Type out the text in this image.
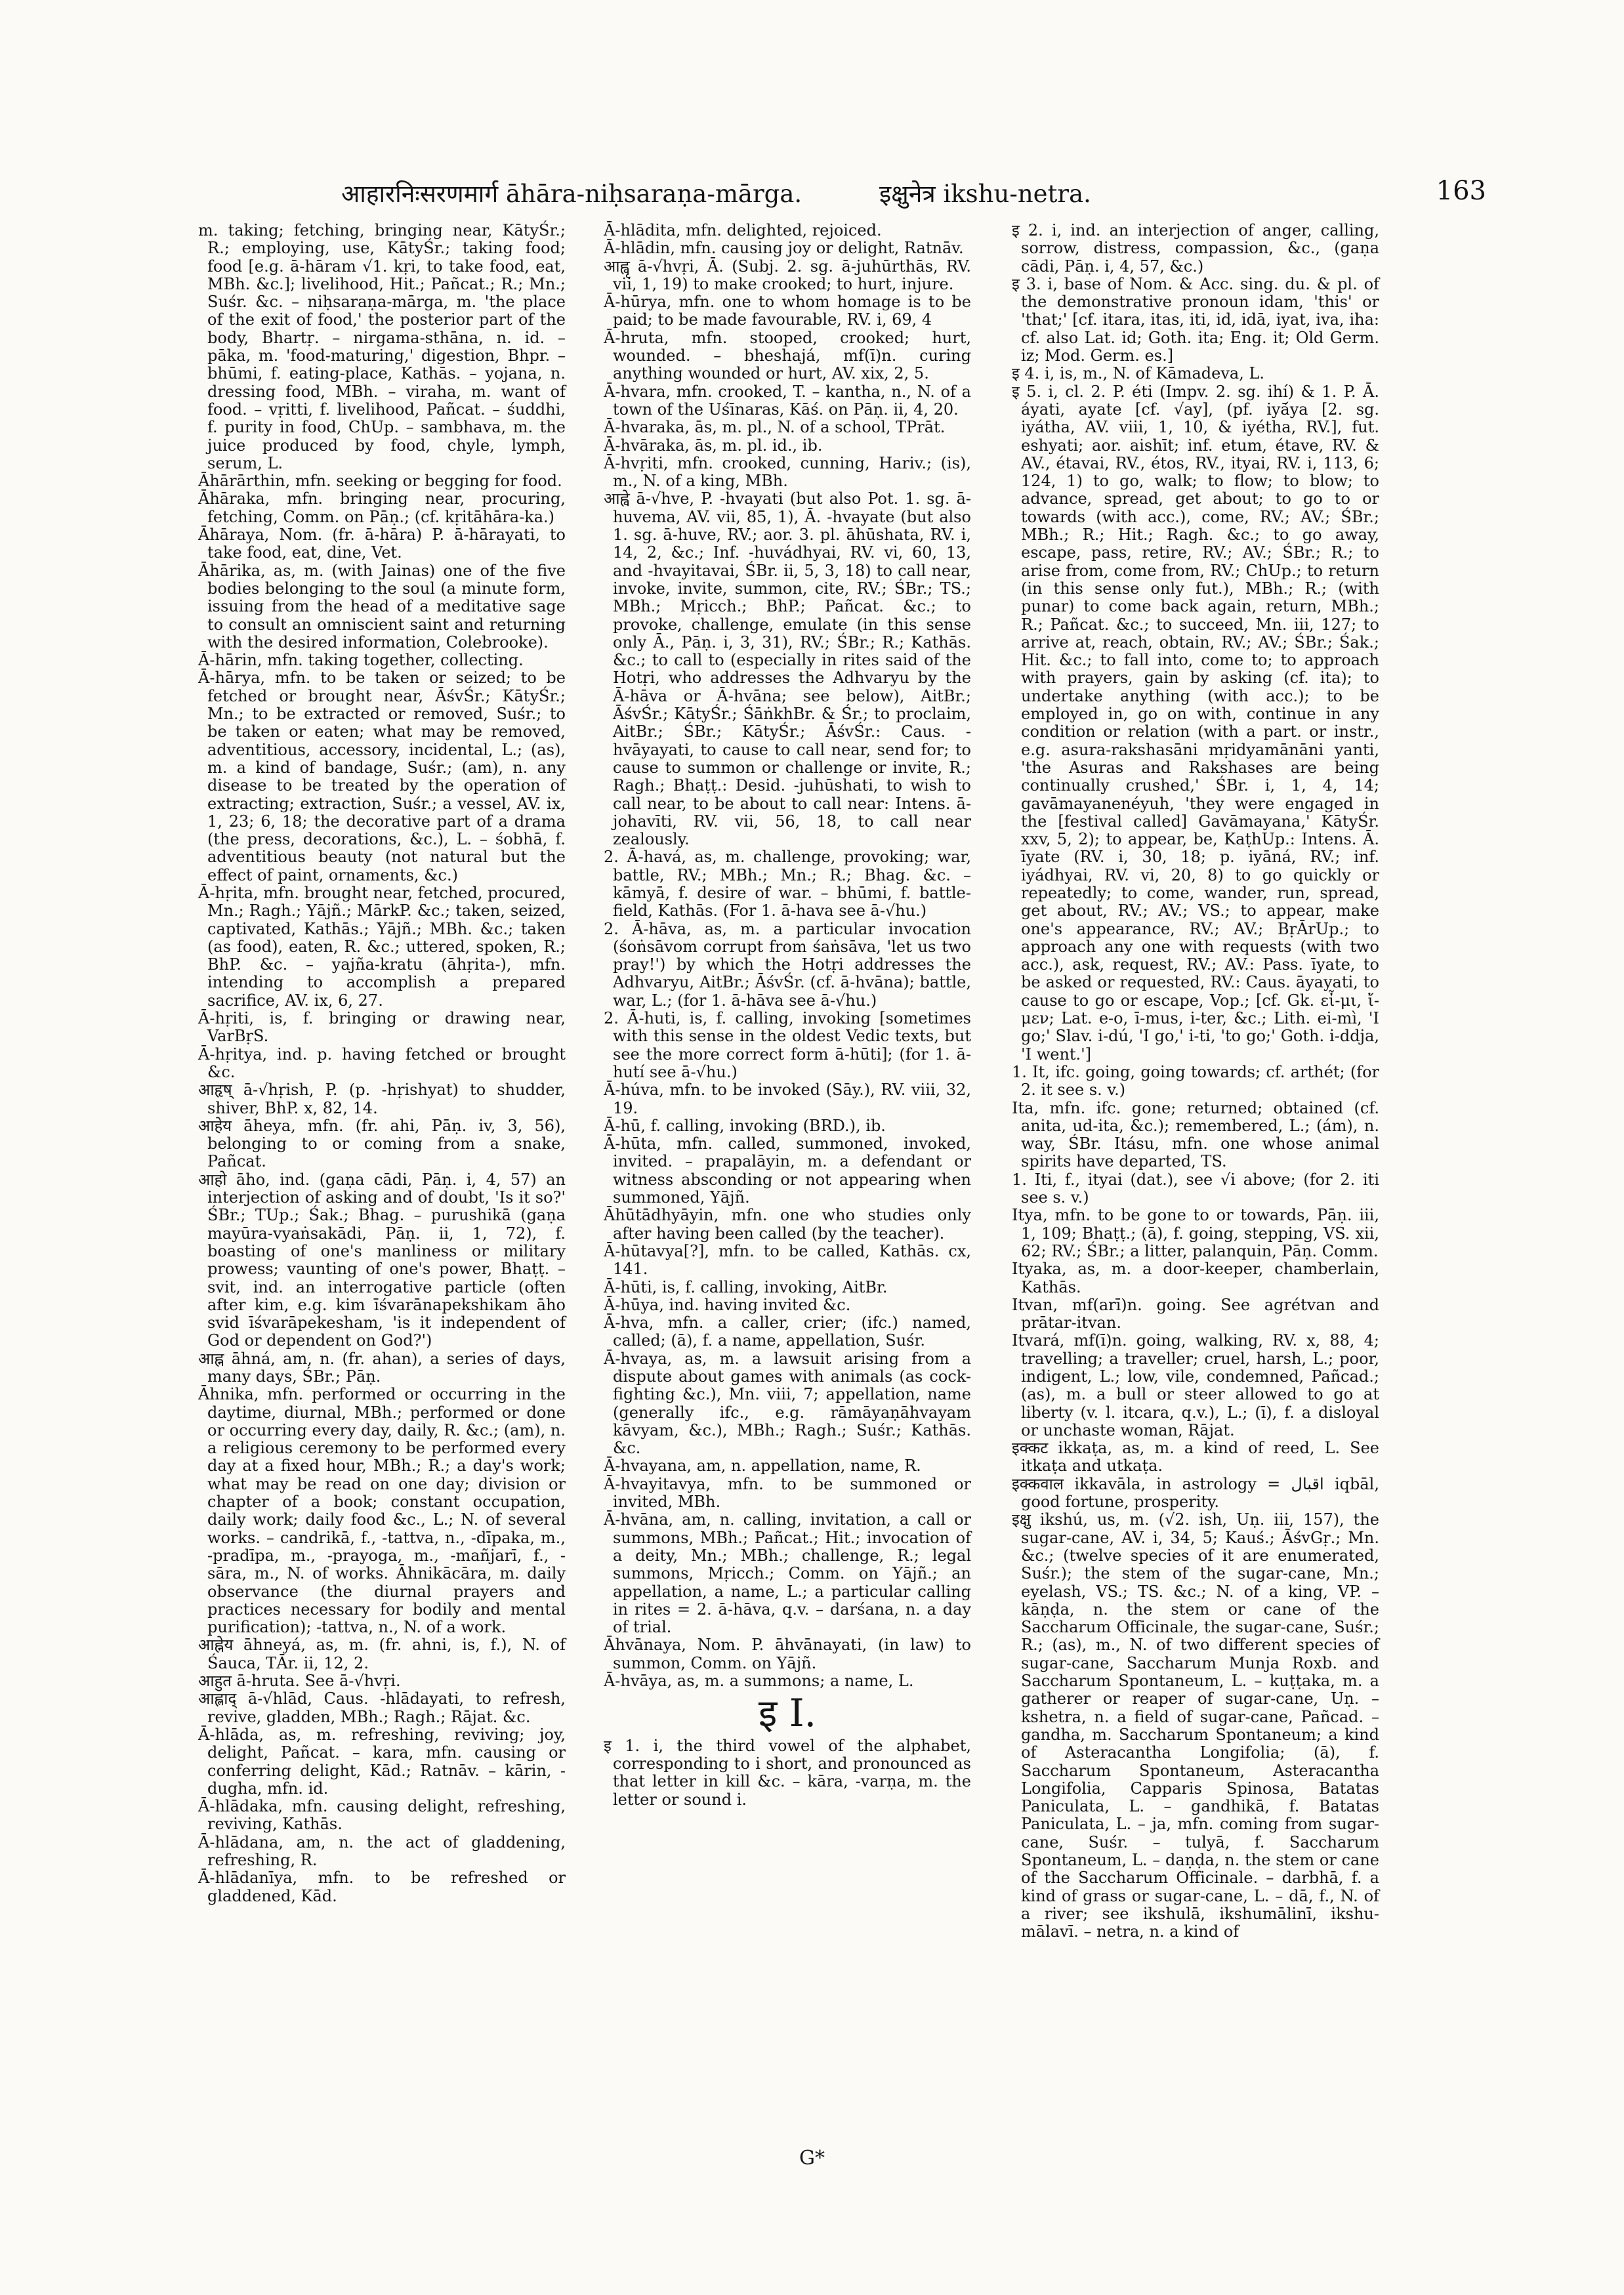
आहारनिःसरणमार्ग āhāra-niḥsaraṇa-mārga.	इक्षुनेत्र ikshu-netra.	163

m. taking; fetching, bringing near, KātyŚr.; R.; employing, use, KātyŚr.; taking food; food [e.g. ā-hāram √1. kṛi, to take food, eat, MBh. &c.]; livelihood, Hit.; Pañcat.; R.; Mn.; Suśr. &c. – niḥsaraṇa-mārga, m. 'the place of the exit of food,' the posterior part of the body, Bhartṛ. – nirgama-sthāna, n. id. – pāka, m. 'food-maturing,' digestion, Bhpr. – bhūmi, f. eating-place, Kathās. – yojana, n. dressing food, MBh. – viraha, m. want of food. – vṛitti, f. livelihood, Pañcat. – śuddhi, f. purity in food, ChUp. – sambhava, m. the juice produced by food, chyle, lymph, serum, L.

Āhārārthin, mfn. seeking or begging for food.

Āhāraka, mfn. bringing near, procuring, fetching, Comm. on Pāṇ.; (cf. kṛitāhāra-ka.)

Āhāraya, Nom. (fr. ā-hāra) P. ā-hārayati, to take food, eat, dine, Vet.

Āhārika, as, m. (with Jainas) one of the five bodies belonging to the soul (a minute form, issuing from the head of a meditative sage to consult an omniscient saint and returning with the desired information, Colebrooke).

Ā-hārin, mfn. taking together, collecting.

Ā-hārya, mfn. to be taken or seized; to be fetched or brought near, ĀśvŚr.; KātyŚr.; Mn.; to be extracted or removed, Suśr.; to be taken or eaten; what may be removed, adventitious, accessory, incidental, L.; (as), m. a kind of bandage, Suśr.; (am), n. any disease to be treated by the operation of extracting; extraction, Suśr.; a vessel, AV. ix, 1, 23; 6, 18; the decorative part of a drama (the press, decorations, &c.), L. – śobhā, f. adventitious beauty (not natural but the effect of paint, ornaments, &c.)

Ā-hṛita, mfn. brought near, fetched, procured, Mn.; Ragh.; Yājñ.; MārkP. &c.; taken, seized, captivated, Kathās.; Yājñ.; MBh. &c.; taken (as food), eaten, R. &c.; uttered, spoken, R.; BhP. &c. – yajña-kratu (āhṛita-), mfn. intending to accomplish a prepared sacrifice, AV. ix, 6, 27.

Ā-hṛiti, is, f. bringing or drawing near, VarBṛS.

Ā-hṛitya, ind. p. having fetched or brought &c.

आहृष् ā-√hṛish, P. (p. -hṛishyat) to shudder, shiver, BhP. x, 82, 14.

आहेय āheya, mfn. (fr. ahi, Pāṇ. iv, 3, 56), belonging to or coming from a snake, Pañcat.

आहो āho, ind. (gaṇa cādi, Pāṇ. i, 4, 57) an interjection of asking and of doubt, 'Is it so?' ŚBr.; TUp.; Śak.; Bhag. – purushikā (gaṇa mayūra-vyaṅsakādi, Pāṇ. ii, 1, 72), f. boasting of one's manliness or military prowess; vaunting of one's power, Bhaṭṭ. – svit, ind. an interrogative particle (often after kim, e.g. kim īśvarānapekshikam āho svid īśvarāpekesham, 'is it independent of God or dependent on God?')

आह्न āhná, am, n. (fr. ahan), a series of days, many days, ŚBr.; Pāṇ.

Āhnika, mfn. performed or occurring in the daytime, diurnal, MBh.; performed or done or occurring every day, daily, R. &c.; (am), n. a religious ceremony to be performed every day at a fixed hour, MBh.; R.; a day's work; what may be read on one day; division or chapter of a book; constant occupation, daily work; daily food &c., L.; N. of several works. – candrikā, f., -tattva, n., -dīpaka, m., -pradīpa, m., -prayoga, m., -mañjarī, f., -sāra, m., N. of works. Āhnikācāra, m. daily observance (the diurnal prayers and practices necessary for bodily and mental purification); -tattva, n., N. of a work.

आह्नेय āhneyá, as, m. (fr. ahni, is, f.), N. of Śauca, TĀr. ii, 12, 2.

आहुत ā-hruta. See ā-√hvṛi.

आह्लाद् ā-√hlād, Caus. -hlādayati, to refresh, revive, gladden, MBh.; Ragh.; Rājat. &c.

Ā-hlāda, as, m. refreshing, reviving; joy, delight, Pañcat. – kara, mfn. causing or conferring delight, Kād.; Ratnāv. – kārin, -dugha, mfn. id.

Ā-hlādaka, mfn. causing delight, refreshing, reviving, Kathās.

Ā-hlādana, am, n. the act of gladdening, refreshing, R.

Ā-hlādanīya, mfn. to be refreshed or gladdened, Kād.

Ā-hlādita, mfn. delighted, rejoiced.

Ā-hlādin, mfn. causing joy or delight, Ratnāv.

आह्वृ ā-√hvṛi, Ā. (Subj. 2. sg. ā-juhūrthās, RV. vii, 1, 19) to make crooked; to hurt, injure.

Ā-hūrya, mfn. one to whom homage is to be paid; to be made favourable, RV. i, 69, 4

Ā-hruta, mfn. stooped, crooked; hurt, wounded. – bheshajá, mf(ī)n. curing anything wounded or hurt, AV. xix, 2, 5.

Ā-hvara, mfn. crooked, T. – kantha, n., N. of a town of the Uśīnaras, Kāś. on Pāṇ. ii, 4, 20.

Ā-hvaraka, ās, m. pl., N. of a school, TPrāt.

Ā-hvāraka, ās, m. pl. id., ib.

Ā-hvṛiti, mfn. crooked, cunning, Hariv.; (is), m., N. of a king, MBh.

आह्वे ā-√hve, P. -hvayati (but also Pot. 1. sg. ā-huvema, AV. vii, 85, 1), Ā. -hvayate (but also 1. sg. ā-huve, RV.; aor. 3. pl. āhūshata, RV. i, 14, 2, &c.; Inf. -huvádhyai, RV. vi, 60, 13, and -hvayitavai, ŚBr. ii, 5, 3, 18) to call near, invoke, invite, summon, cite, RV.; ŚBr.; TS.; MBh.; Mṛicch.; BhP.; Pañcat. &c.; to provoke, challenge, emulate (in this sense only Ā., Pāṇ. i, 3, 31), RV.; ŚBr.; R.; Kathās. &c.; to call to (especially in rites said of the Hotṛi, who addresses the Adhvaryu by the Ā-hāva or Ā-hvāna; see below), AitBr.; ĀśvŚr.; KātyŚr.; ŚāṅkhBr. & Śr.; to proclaim, AitBr.; ŚBr.; KātyŚr.; ĀśvŚr.: Caus. -hvāyayati, to cause to call near, send for; to cause to summon or challenge or invite, R.; Ragh.; Bhaṭṭ.: Desid. -juhūshati, to wish to call near, to be about to call near: Intens. ā-johavīti, RV. vii, 56, 18, to call near zealously.

2. Ā-havá, as, m. challenge, provoking; war, battle, RV.; MBh.; Mn.; R.; Bhag. &c. – kāmyā, f. desire of war. – bhūmi, f. battle-field, Kathās. (For 1. ā-hava see ā-√hu.)

2. Ā-hāva, as, m. a particular invocation (śoṅsāvom corrupt from śaṅsāva, 'let us two pray!') by which the Hotṛi addresses the Adhvaryu, AitBr.; ĀśvŚr. (cf. ā-hvāna); battle, war, L.; (for 1. ā-hāva see ā-√hu.)

2. Ā-huti, is, f. calling, invoking [sometimes with this sense in the oldest Vedic texts, but see the more correct form ā-hūti]; (for 1. ā-hutí see ā-√hu.)

Ā-húva, mfn. to be invoked (Sāy.), RV. viii, 32, 19.

Ā-hū, f. calling, invoking (BRD.), ib.

Ā-hūta, mfn. called, summoned, invoked, invited. – prapalāyin, m. a defendant or witness absconding or not appearing when summoned, Yājñ.

Āhūtādhyāyin, mfn. one who studies only after having been called (by the teacher).

Ā-hūtavya[?], mfn. to be called, Kathās. cx, 141.

Ā-hūti, is, f. calling, invoking, AitBr.

Ā-hūya, ind. having invited &c.

Ā-hva, mfn. a caller, crier; (ifc.) named, called; (ā), f. a name, appellation, Suśr.

Ā-hvaya, as, m. a lawsuit arising from a dispute about games with animals (as cock-fighting &c.), Mn. viii, 7; appellation, name (generally ifc., e.g. rāmāyaṇāhvayam kāvyam, &c.), MBh.; Ragh.; Suśr.; Kathās. &c.

Ā-hvayana, am, n. appellation, name, R.

Ā-hvayitavya, mfn. to be summoned or invited, MBh.

Ā-hvāna, am, n. calling, invitation, a call or summons, MBh.; Pañcat.; Hit.; invocation of a deity, Mn.; MBh.; challenge, R.; legal summons, Mṛicch.; Comm. on Yājñ.; an appellation, a name, L.; a particular calling in rites = 2. ā-hāva, q.v. – darśana, n. a day of trial.

Āhvānaya, Nom. P. āhvānayati, (in law) to summon, Comm. on Yājñ.

Ā-hvāya, as, m. a summons; a name, L.

इ I.

इ 1. i, the third vowel of the alphabet, corresponding to i short, and pronounced as that letter in kill &c. – kāra, -varṇa, m. the letter or sound i.

इ 2. i, ind. an interjection of anger, calling, sorrow, distress, compassion, &c., (gaṇa cādi, Pāṇ. i, 4, 57, &c.)

इ 3. i, base of Nom. & Acc. sing. du. & pl. of the demonstrative pronoun idam, 'this' or 'that;' [cf. itara, itas, iti, id, idā, iyat, iva, iha: cf. also Lat. id; Goth. ita; Eng. it; Old Germ. iz; Mod. Germ. es.]

इ 4. i, is, m., N. of Kāmadeva, L.

इ 5. i, cl. 2. P. éti (Impv. 2. sg. ihí) & 1. P. Ā. áyati, ayate [cf. √ay], (pf. iyā́ya [2. sg. iyátha, AV. viii, 1, 10, & iyétha, RV.], fut. eshyati; aor. aishīt; inf. etum, étave, RV. & AV., étavai, RV., étos, RV., ityai, RV. i, 113, 6; 124, 1) to go, walk; to flow; to blow; to advance, spread, get about; to go to or towards (with acc.), come, RV.; AV.; ŚBr.; MBh.; R.; Hit.; Ragh. &c.; to go away, escape, pass, retire, RV.; AV.; ŚBr.; R.; to arise from, come from, RV.; ChUp.; to return (in this sense only fut.), MBh.; R.; (with punar) to come back again, return, MBh.; R.; Pañcat. &c.; to succeed, Mn. iii, 127; to arrive at, reach, obtain, RV.; AV.; ŚBr.; Śak.; Hit. &c.; to fall into, come to; to approach with prayers, gain by asking (cf. ita); to undertake anything (with acc.); to be employed in, go on with, continue in any condition or relation (with a part. or instr., e.g. asura-rakshasāni mṛidyamānāni yanti, 'the Asuras and Rakshases are being continually crushed,' ŚBr. i, 1, 4, 14; gavāmayanenéyuh, 'they were engaged in the [festival called] Gavāmayana,' KātyŚr. xxv, 5, 2); to appear, be, KaṭhUp.: Intens. Ā. īyate (RV. i, 30, 18; p. iyāná, RV.; inf. iyádhyai, RV. vi, 20, 8) to go quickly or repeatedly; to come, wander, run, spread, get about, RV.; AV.; VS.; to appear, make one's appearance, RV.; AV.; BṛĀrUp.; to approach any one with requests (with two acc.), ask, request, RV.; AV.: Pass. īyate, to be asked or requested, RV.: Caus. āyayati, to cause to go or escape, Vop.; [cf. Gk. εἶ-μι, ἴ-μεν; Lat. e-o, ī-mus, i-ter, &c.; Lith. ei-mì, 'I go;' Slav. i-dú, 'I go,' i-ti, 'to go;' Goth. i-ddja, 'I went.']

1. It, ifc. going, going towards; cf. arthét; (for 2. it see s. v.)

Ita, mfn. ifc. gone; returned; obtained (cf. anita, ud-ita, &c.); remembered, L.; (ám), n. way, ŚBr. Itásu, mfn. one whose animal spirits have departed, TS.

1. Iti, f., ityai (dat.), see √i above; (for 2. iti see s. v.)

Itya, mfn. to be gone to or towards, Pāṇ. iii, 1, 109; Bhaṭṭ.; (ā), f. going, stepping, VS. xii, 62; RV.; ŚBr.; a litter, palanquin, Pāṇ. Comm.

Ityaka, as, m. a door-keeper, chamberlain, Kathās.

Itvan, mf(arī)n. going. See agrétvan and prātar-itvan.

Itvará, mf(ī)n. going, walking, RV. x, 88, 4; travelling; a traveller; cruel, harsh, L.; poor, indigent, L.; low, vile, condemned, Pañcad.; (as), m. a bull or steer allowed to go at liberty (v. l. itcara, q.v.), L.; (ī), f. a disloyal or unchaste woman, Rājat.

इक्कट ikkaṭa, as, m. a kind of reed, L. See itkaṭa and utkaṭa.

इक्कवाल ikkavāla, in astrology = اقبال iqbāl, good fortune, prosperity.

इक्षु ikshú, us, m. (√2. ish, Uṇ. iii, 157), the sugar-cane, AV. i, 34, 5; Kauś.; ĀśvGṛ.; Mn. &c.; (twelve species of it are enumerated, Suśr.); the stem of the sugar-cane, Mn.; eyelash, VS.; TS. &c.; N. of a king, VP. – kāṇḍa, n. the stem or cane of the Saccharum Officinale, the sugar-cane, Suśr.; R.; (as), m., N. of two different species of sugar-cane, Saccharum Munja Roxb. and Saccharum Spontaneum, L. – kuṭṭaka, m. a gatherer or reaper of sugar-cane, Uṇ. – kshetra, n. a field of sugar-cane, Pañcad. – gandha, m. Saccharum Spontaneum; a kind of Asteracantha Longifolia; (ā), f. Saccharum Spontaneum, Asteracantha Longifolia, Capparis Spinosa, Batatas Paniculata, L. – gandhikā, f. Batatas Paniculata, L. – ja, mfn. coming from sugar-cane, Suśr. – tulyā, f. Saccharum Spontaneum, L. – daṇḍa, n. the stem or cane of the Saccharum Officinale. – darbhā, f. a kind of grass or sugar-cane, L. – dā, f., N. of a river; see ikshulā, ikshumālinī, ikshu-mālavī. – netra, n. a kind of

G*
